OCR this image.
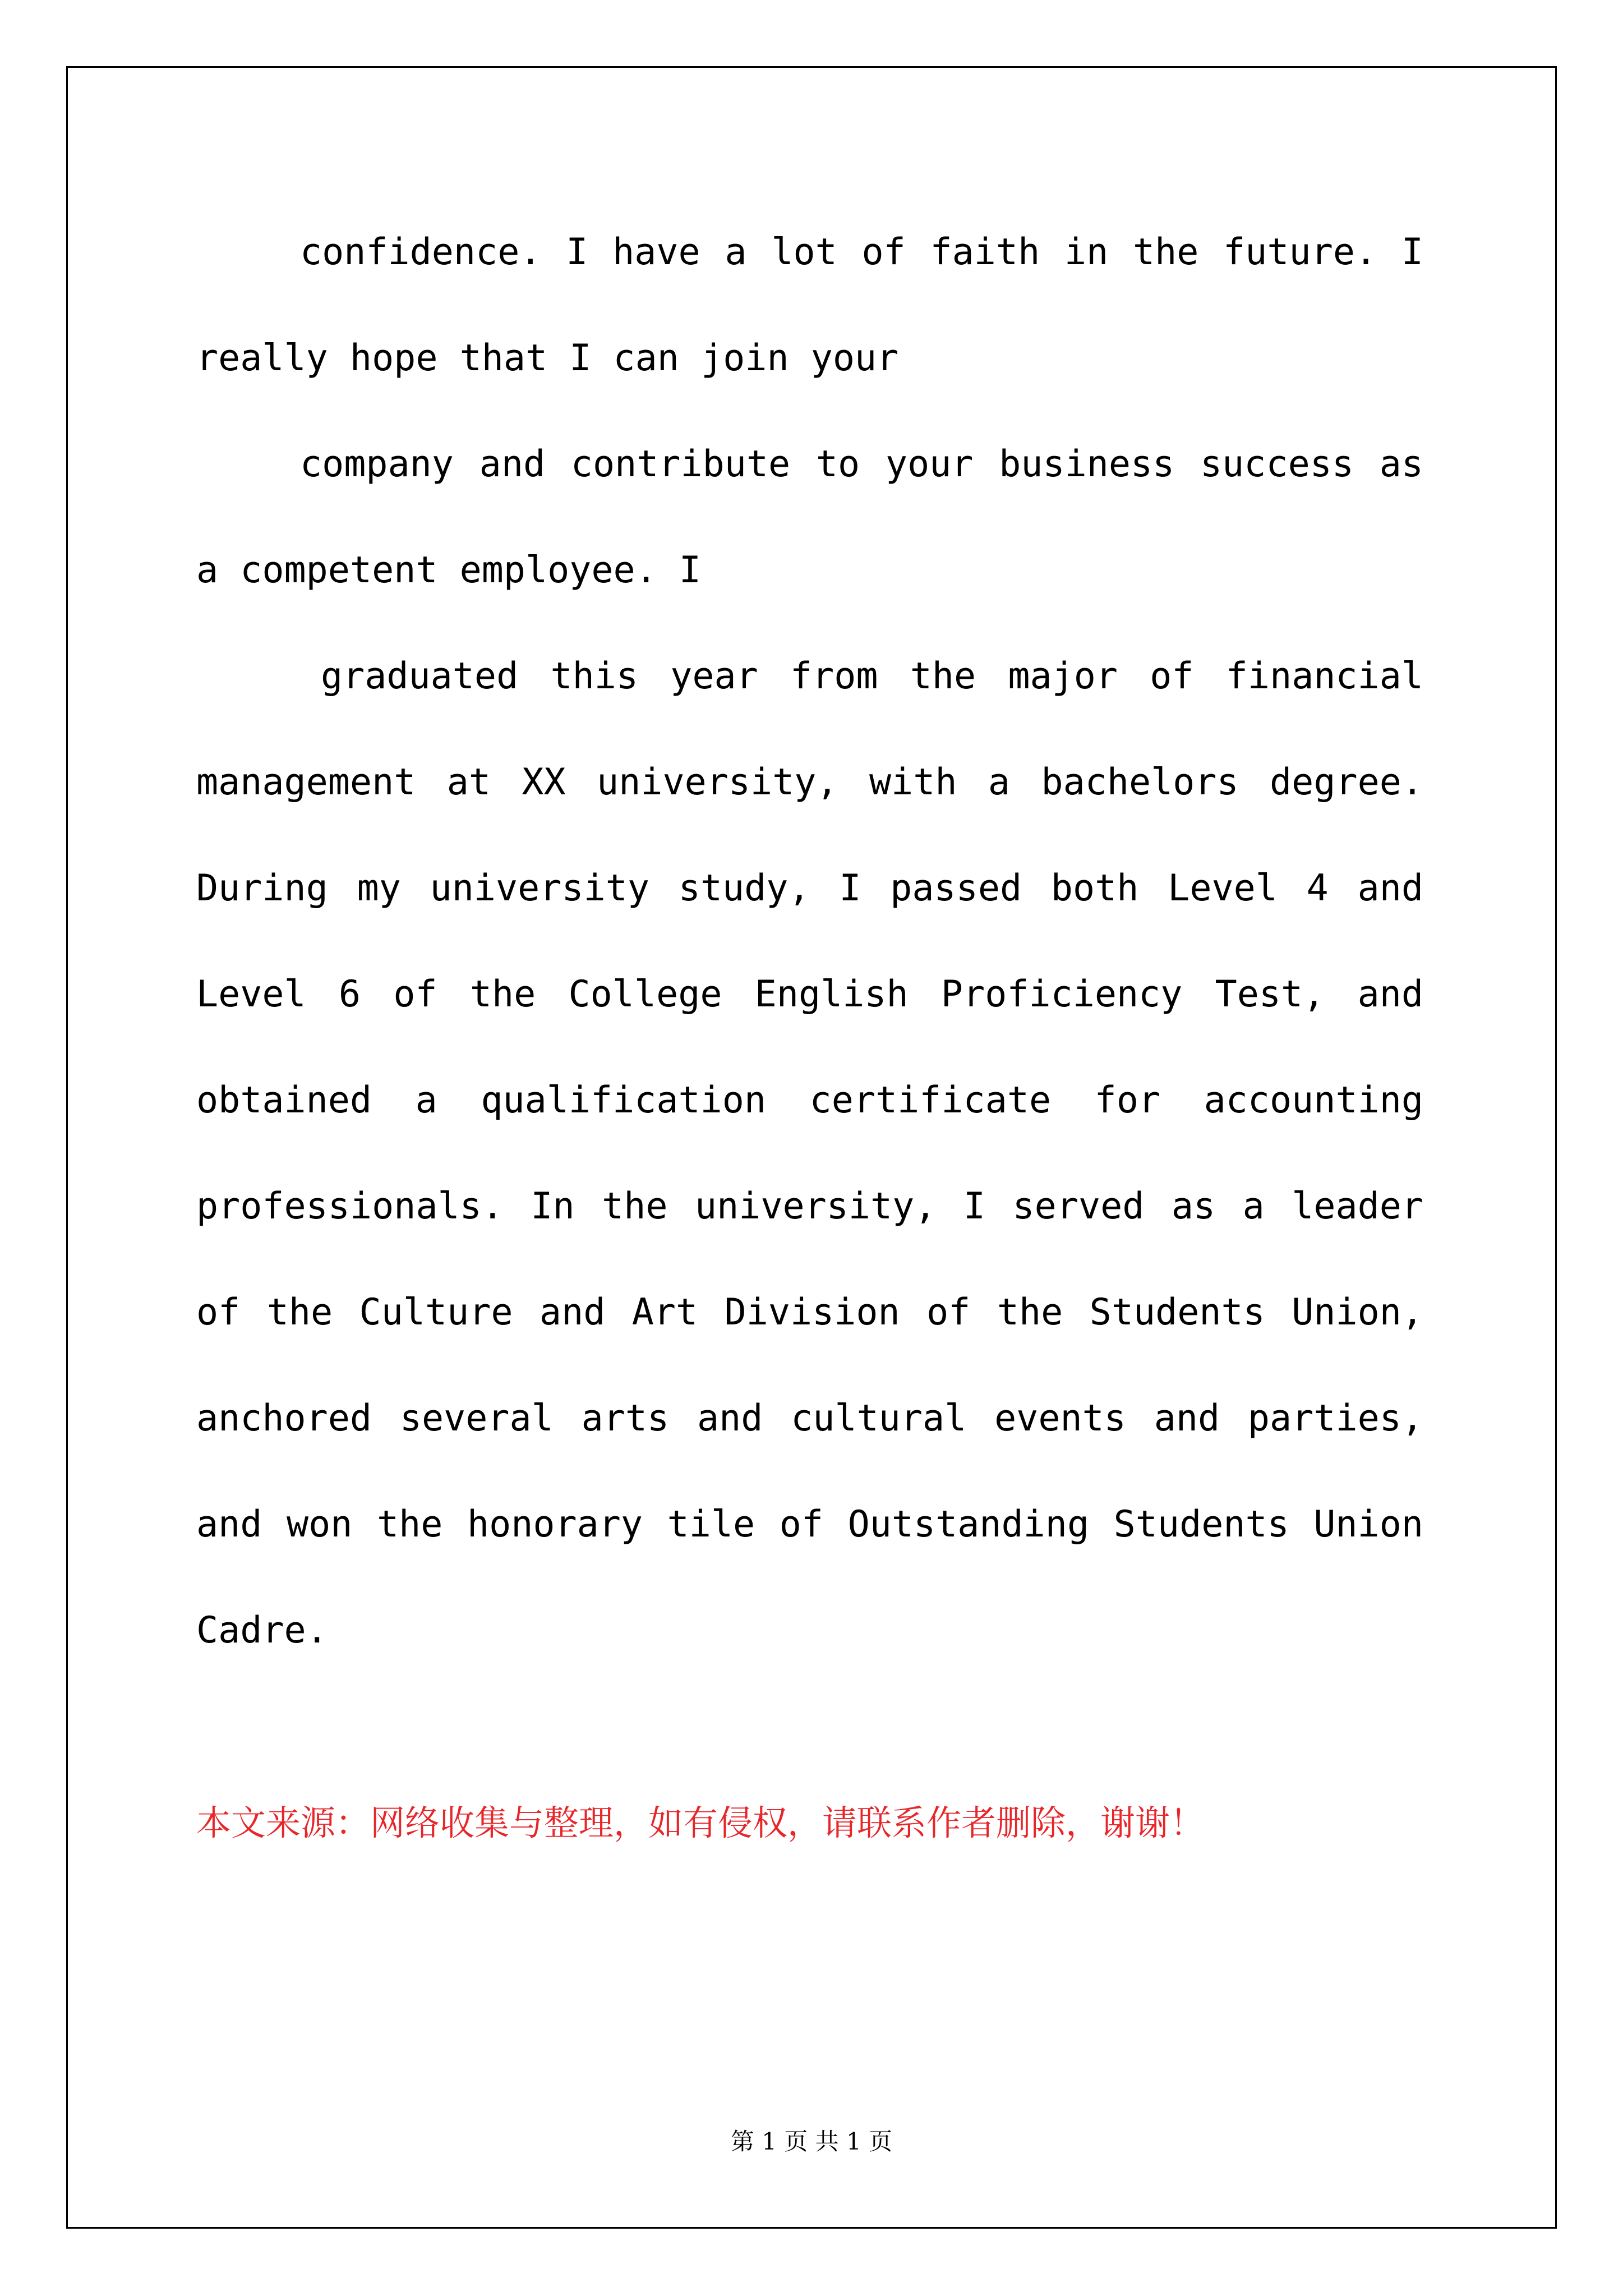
confidence. I have a lot of faith in the future. I really hope that I can join your

company and contribute to your business success as a competent employee. I

graduated this year from the major of financial management at XX university, with a bachelors degree. During my university study, I passed both Level 4 and Level 6 of the College English Proficiency Test, and obtained a qualification certificate for accounting professionals. In the university, I served as a leader of the Culture and Art Division of the Students Union, anchored several arts and cultural events and parties, and won the honorary tile of Outstanding Students Union Cadre.

本文来源：网络收集与整理，如有侵权，请联系作者删除，谢谢！

第 1 页 共 1 页
